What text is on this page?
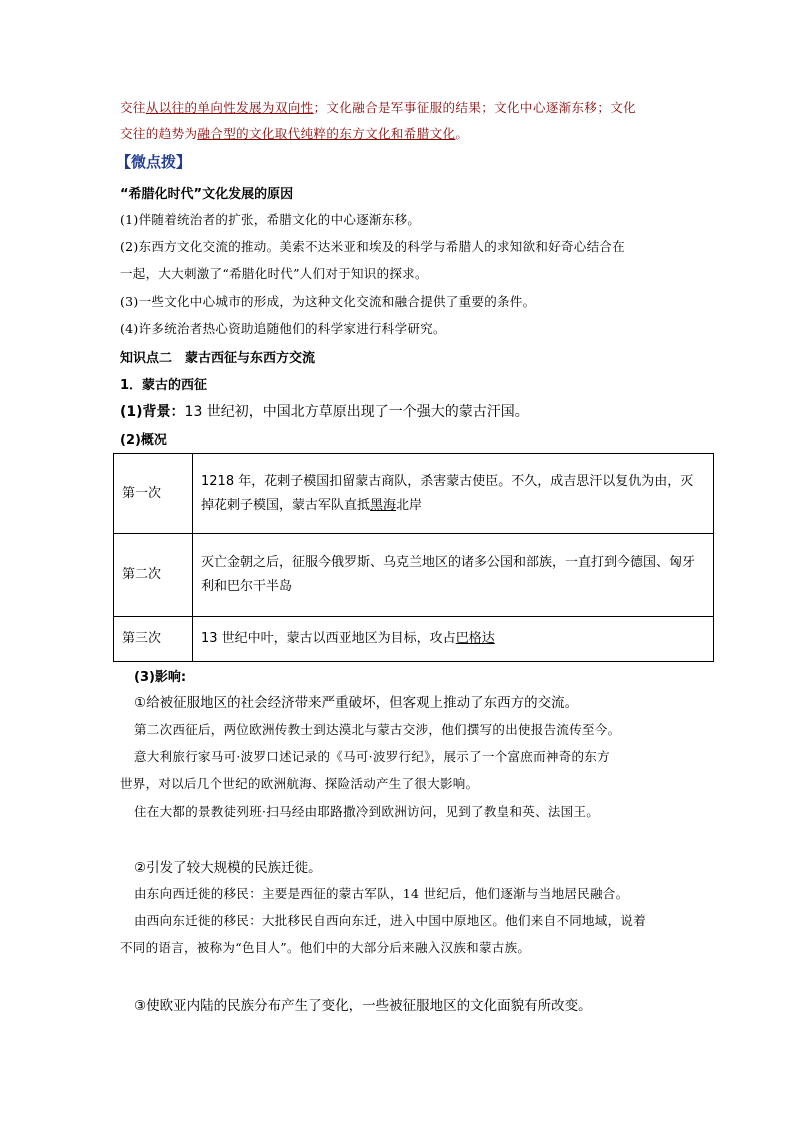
交往从以往的单向性发展为双向性；文化融合是军事征服的结果；文化中心逐渐东移；文化
交往的趋势为融合型的文化取代纯粹的东方文化和希腊文化。
【微点拨】
“希腊化时代”文化发展的原因
(1)伴随着统治者的扩张，希腊文化的中心逐渐东移。
(2)东西方文化交流的推动。美索不达米亚和埃及的科学与希腊人的求知欲和好奇心结合在
一起，大大刺激了“希腊化时代”人们对于知识的探求。
(3)一些文化中心城市的形成，为这种文化交流和融合提供了重要的条件。
(4)许多统治者热心资助追随他们的科学家进行科学研究。
知识点二　蒙古西征与东西方交流
1．蒙古的西征
(1)背景：13 世纪初，中国北方草原出现了一个强大的蒙古汗国。
(2)概况
第一次	1218 年，花剌子模国扣留蒙古商队，杀害蒙古使臣。不久，成吉思汗以复仇为由，灭掉花剌子模国，蒙古军队直抵黑海北岸
第二次	灭亡金朝之后，征服今俄罗斯、乌克兰地区的诸多公国和部族，一直打到今德国、匈牙利和巴尔干半岛
第三次	13 世纪中叶，蒙古以西亚地区为目标，攻占巴格达
(3)影响:
①给被征服地区的社会经济带来严重破坏，但客观上推动了东西方的交流。
第二次西征后，两位欧洲传教士到达漠北与蒙古交涉，他们撰写的出使报告流传至今。
意大利旅行家马可·波罗口述记录的《马可·波罗行纪》，展示了一个富庶而神奇的东方
世界，对以后几个世纪的欧洲航海、探险活动产生了很大影响。
住在大都的景教徒列班·扫马经由耶路撒冷到欧洲访问，见到了教皇和英、法国王。
②引发了较大规模的民族迁徙。
由东向西迁徙的移民：主要是西征的蒙古军队，14 世纪后，他们逐渐与当地居民融合。
由西向东迁徙的移民：大批移民自西向东迁，进入中国中原地区。他们来自不同地域，说着
不同的语言，被称为“色目人”。他们中的大部分后来融入汉族和蒙古族。
③使欧亚内陆的民族分布产生了变化，一些被征服地区的文化面貌有所改变。
